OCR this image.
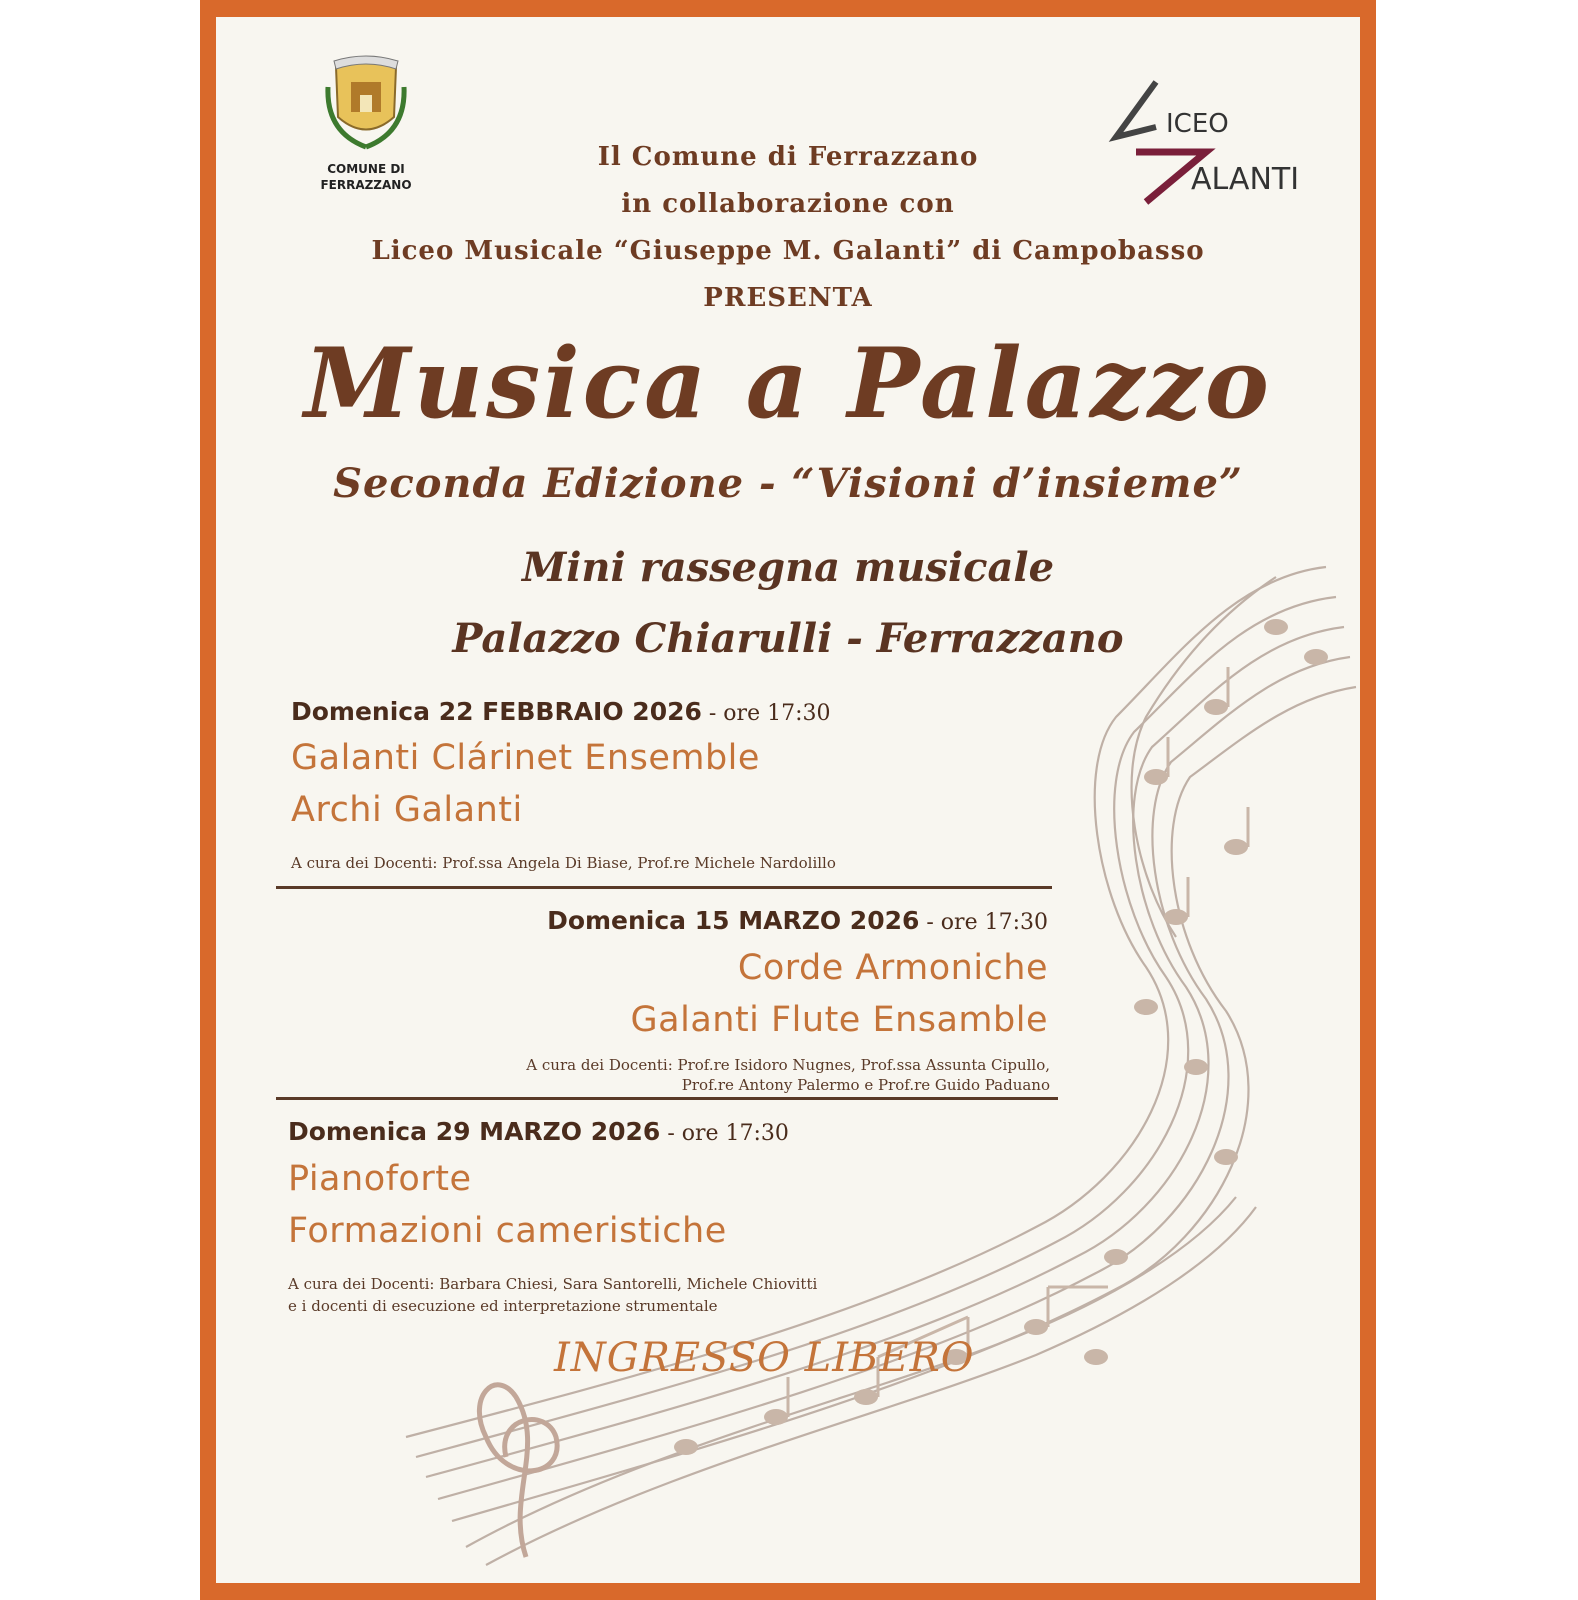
COMUNE DI
FERRAZZANO
ICEO
ALANTI
Il Comune di Ferrazzano
in collaborazione con
Liceo Musicale “Giuseppe M. Galanti” di Campobasso
PRESENTA
Musica a Palazzo
Seconda Edizione - “Visioni d’insieme”
Mini rassegna musicale
Palazzo Chiarulli - Ferrazzano
Domenica 22 FEBBRAIO 2026 - ore 17:30
Galanti Clárinet Ensemble
Archi Galanti
A cura dei Docenti: Prof.ssa Angela Di Biase, Prof.re Michele Nardolillo
Domenica 15 MARZO 2026 - ore 17:30
Corde Armoniche
Galanti Flute Ensamble
A cura dei Docenti: Prof.re Isidoro Nugnes, Prof.ssa Assunta Cipullo,
Prof.re Antony Palermo e Prof.re Guido Paduano
Domenica 29 MARZO 2026 - ore 17:30
Pianoforte
Formazioni cameristiche
A cura dei Docenti: Barbara Chiesi, Sara Santorelli, Michele Chiovitti
e i docenti di esecuzione ed interpretazione strumentale
INGRESSO LIBERO
